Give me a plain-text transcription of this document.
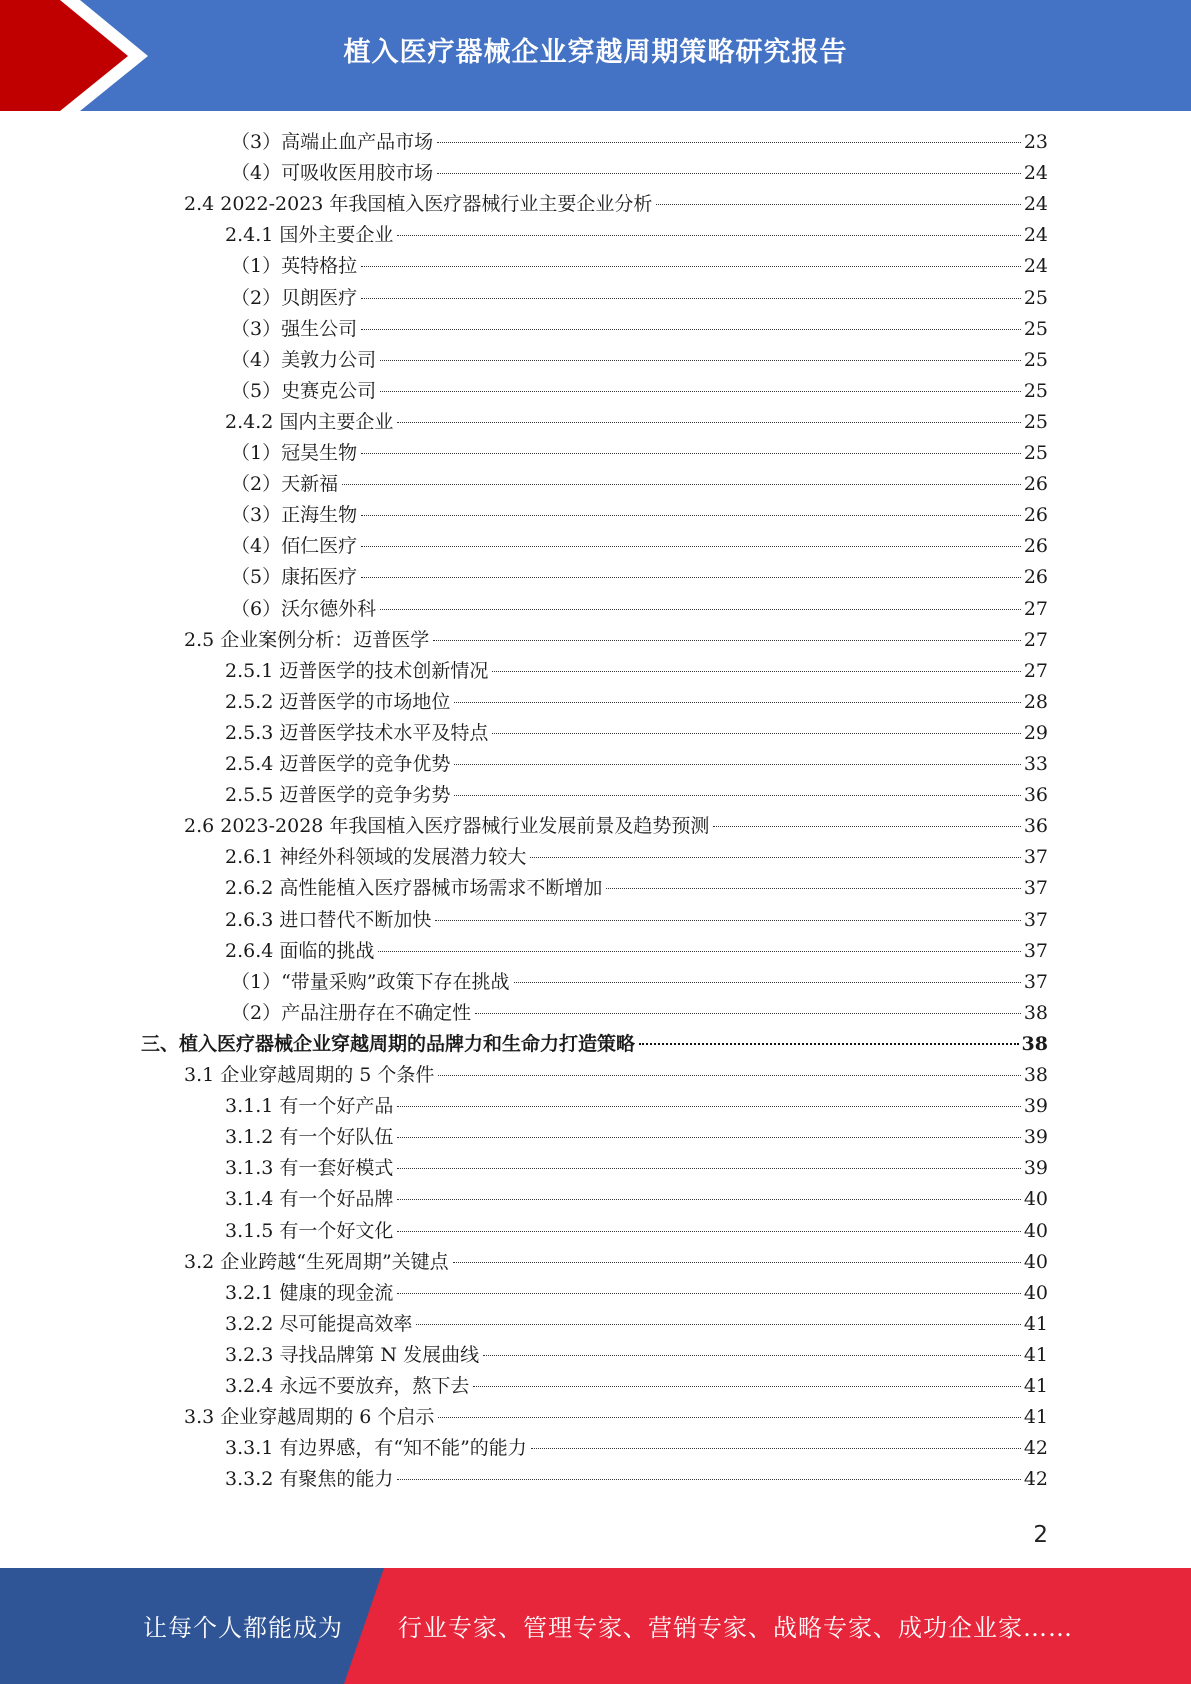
植入医疗器械企业穿越周期策略研究报告
（3）高端止血产品市场	23
（4）可吸收医用胶市场	24
2.4 2022-2023 年我国植入医疗器械行业主要企业分析	24
2.4.1 国外主要企业	24
（1）英特格拉	24
（2）贝朗医疗	25
（3）强生公司	25
（4）美敦力公司	25
（5）史赛克公司	25
2.4.2 国内主要企业	25
（1）冠昊生物	25
（2）天新福	26
（3）正海生物	26
（4）佰仁医疗	26
（5）康拓医疗	26
（6）沃尔德外科	27
2.5 企业案例分析：迈普医学	27
2.5.1 迈普医学的技术创新情况	27
2.5.2 迈普医学的市场地位	28
2.5.3 迈普医学技术水平及特点	29
2.5.4 迈普医学的竞争优势	33
2.5.5 迈普医学的竞争劣势	36
2.6 2023-2028 年我国植入医疗器械行业发展前景及趋势预测	36
2.6.1 神经外科领域的发展潜力较大	37
2.6.2 高性能植入医疗器械市场需求不断增加	37
2.6.3 进口替代不断加快	37
2.6.4 面临的挑战	37
（1）“带量采购”政策下存在挑战	37
（2）产品注册存在不确定性	38
三、植入医疗器械企业穿越周期的品牌力和生命力打造策略	38
3.1 企业穿越周期的 5 个条件	38
3.1.1 有一个好产品	39
3.1.2 有一个好队伍	39
3.1.3 有一套好模式	39
3.1.4 有一个好品牌	40
3.1.5 有一个好文化	40
3.2 企业跨越“生死周期”关键点	40
3.2.1 健康的现金流	40
3.2.2 尽可能提高效率	41
3.2.3 寻找品牌第 N 发展曲线	41
3.2.4 永远不要放弃，熬下去	41
3.3 企业穿越周期的 6 个启示	41
3.3.1 有边界感，有“知不能”的能力	42
3.3.2 有聚焦的能力	42
2
让每个人都能成为 行业专家、管理专家、营销专家、战略专家、成功企业家……
